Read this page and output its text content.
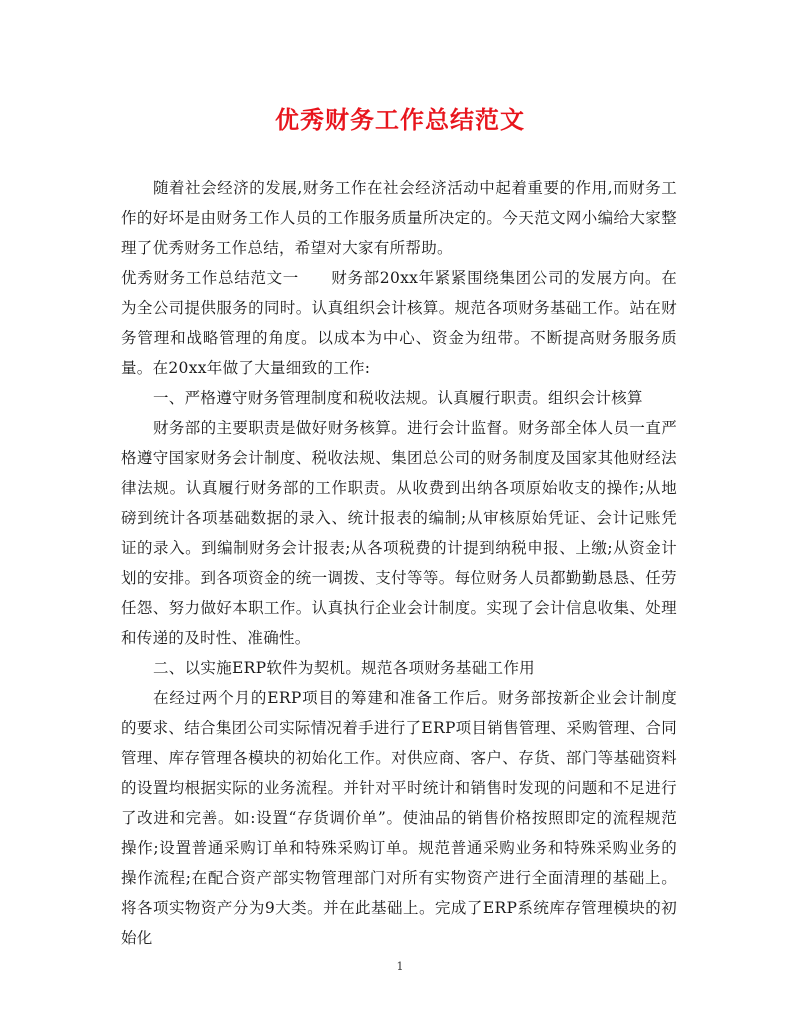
优秀财务工作总结范文

随着社会经济的发展,财务工作在社会经济活动中起着重要的作用,而财务工作的好坏是由财务工作人员的工作服务质量所决定的。今天范文网小编给大家整理了优秀财务工作总结，希望对大家有所帮助。

优秀财务工作总结范文一　　财务部20xx年紧紧围绕集团公司的发展方向。在为全公司提供服务的同时。认真组织会计核算。规范各项财务基础工作。站在财务管理和战略管理的角度。以成本为中心、资金为纽带。不断提高财务服务质量。在20xx年做了大量细致的工作:

一、严格遵守财务管理制度和税收法规。认真履行职责。组织会计核算

财务部的主要职责是做好财务核算。进行会计监督。财务部全体人员一直严格遵守国家财务会计制度、税收法规、集团总公司的财务制度及国家其他财经法律法规。认真履行财务部的工作职责。从收费到出纳各项原始收支的操作;从地磅到统计各项基础数据的录入、统计报表的编制;从审核原始凭证、会计记账凭证的录入。到编制财务会计报表;从各项税费的计提到纳税申报、上缴;从资金计划的安排。到各项资金的统一调拨、支付等等。每位财务人员都勤勤恳恳、任劳任怨、努力做好本职工作。认真执行企业会计制度。实现了会计信息收集、处理和传递的及时性、准确性。

二、以实施ERP软件为契机。规范各项财务基础工作用

在经过两个月的ERP项目的筹建和准备工作后。财务部按新企业会计制度的要求、结合集团公司实际情况着手进行了ERP项目销售管理、采购管理、合同管理、库存管理各模块的初始化工作。对供应商、客户、存货、部门等基础资料的设置均根据实际的业务流程。并针对平时统计和销售时发现的问题和不足进行了改进和完善。如:设置“存货调价单”。使油品的销售价格按照即定的流程规范操作;设置普通采购订单和特殊采购订单。规范普通采购业务和特殊采购业务的操作流程;在配合资产部实物管理部门对所有实物资产进行全面清理的基础上。将各项实物资产分为9大类。并在此基础上。完成了ERP系统库存管理模块的初始化

1
